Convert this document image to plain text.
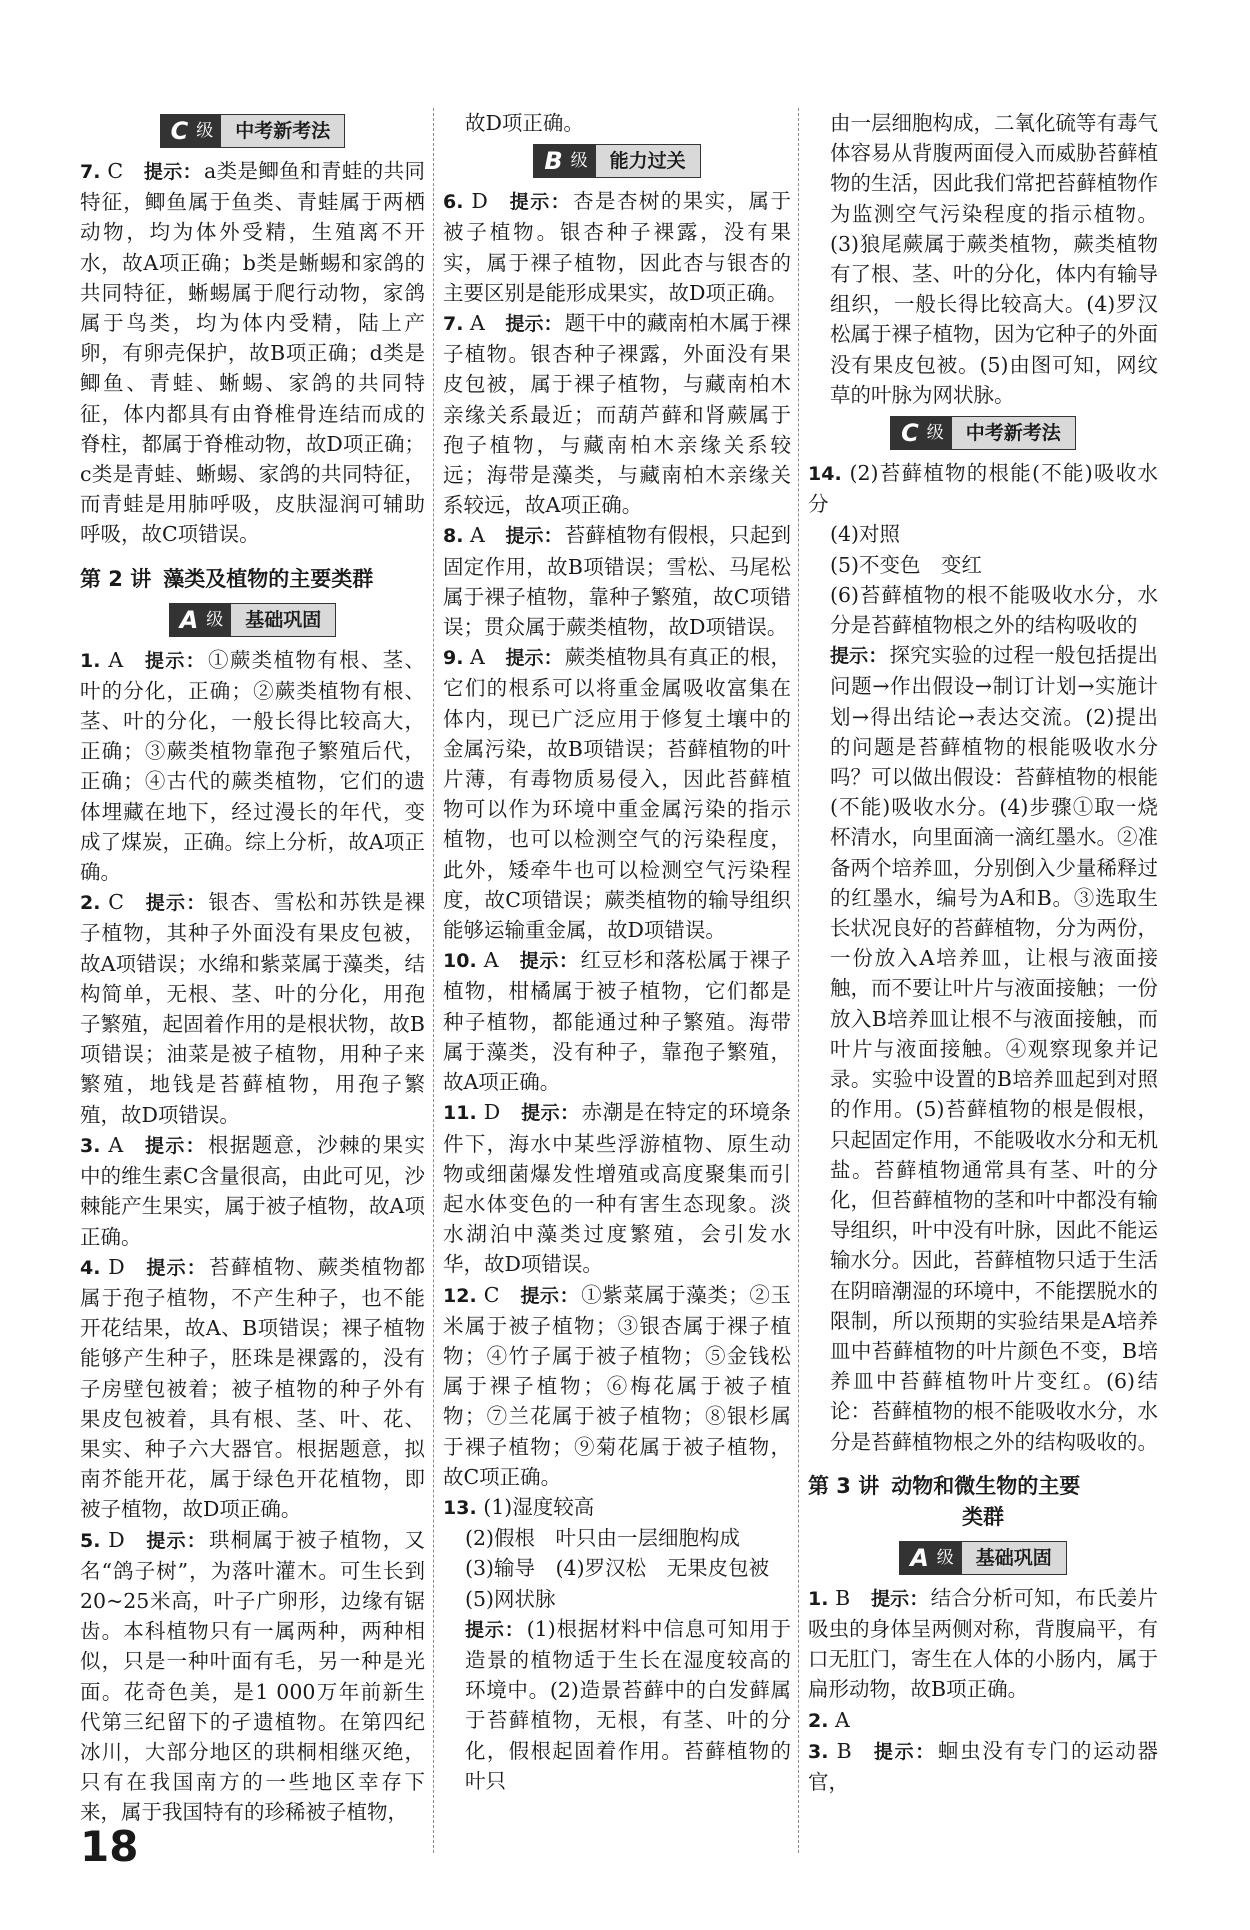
C 级	中考新考法

7. C 提示：a类是鲫鱼和青蛙的共同特征，鲫鱼属于鱼类、青蛙属于两栖动物，均为体外受精，生殖离不开水，故A项正确；b类是蜥蜴和家鸽的共同特征，蜥蜴属于爬行动物，家鸽属于鸟类，均为体内受精，陆上产卵，有卵壳保护，故B项正确；d类是鲫鱼、青蛙、蜥蜴、家鸽的共同特征，体内都具有由脊椎骨连结而成的脊柱，都属于脊椎动物，故D项正确；c类是青蛙、蜥蜴、家鸽的共同特征，而青蛙是用肺呼吸，皮肤湿润可辅助呼吸，故C项错误。

第 2 讲 藻类及植物的主要类群
A 级	基础巩固

1. A 提示：①蕨类植物有根、茎、叶的分化，正确；②蕨类植物有根、茎、叶的分化，一般长得比较高大，正确；③蕨类植物靠孢子繁殖后代，正确；④古代的蕨类植物，它们的遗体埋藏在地下，经过漫长的年代，变成了煤炭，正确。综上分析，故A项正确。

2. C 提示：银杏、雪松和苏铁是裸子植物，其种子外面没有果皮包被，故A项错误；水绵和紫菜属于藻类，结构简单，无根、茎、叶的分化，用孢子繁殖，起固着作用的是根状物，故B项错误；油菜是被子植物，用种子来繁殖，地钱是苔藓植物，用孢子繁殖，故D项错误。

3. A 提示：根据题意，沙棘的果实中的维生素C含量很高，由此可见，沙棘能产生果实，属于被子植物，故A项正确。

4. D 提示：苔藓植物、蕨类植物都属于孢子植物，不产生种子，也不能开花结果，故A、B项错误；裸子植物能够产生种子，胚珠是裸露的，没有子房壁包被着；被子植物的种子外有果皮包被着，具有根、茎、叶、花、果实、种子六大器官。根据题意，拟南芥能开花，属于绿色开花植物，即被子植物，故D项正确。

5. D 提示：珙桐属于被子植物，又名“鸽子树”，为落叶灌木。可生长到20~25米高，叶子广卵形，边缘有锯齿。本科植物只有一属两种，两种相似，只是一种叶面有毛，另一种是光面。花奇色美，是1 000万年前新生代第三纪留下的孑遗植物。在第四纪冰川，大部分地区的珙桐相继灭绝，只有在我国南方的一些地区幸存下来，属于我国特有的珍稀被子植物，

故D项正确。

B 级	能力过关

6. D 提示：杏是杏树的果实，属于被子植物。银杏种子裸露，没有果实，属于裸子植物，因此杏与银杏的主要区别是能形成果实，故D项正确。

7. A 提示：题干中的藏南柏木属于裸子植物。银杏种子裸露，外面没有果皮包被，属于裸子植物，与藏南柏木亲缘关系最近；而葫芦藓和肾蕨属于孢子植物，与藏南柏木亲缘关系较远；海带是藻类，与藏南柏木亲缘关系较远，故A项正确。

8. A 提示：苔藓植物有假根，只起到固定作用，故B项错误；雪松、马尾松属于裸子植物，靠种子繁殖，故C项错误；贯众属于蕨类植物，故D项错误。

9. A 提示：蕨类植物具有真正的根，它们的根系可以将重金属吸收富集在体内，现已广泛应用于修复土壤中的金属污染，故B项错误；苔藓植物的叶片薄，有毒物质易侵入，因此苔藓植物可以作为环境中重金属污染的指示植物，也可以检测空气的污染程度，此外，矮牵牛也可以检测空气污染程度，故C项错误；蕨类植物的输导组织能够运输重金属，故D项错误。

10. A 提示：红豆杉和落松属于裸子植物，柑橘属于被子植物，它们都是种子植物，都能通过种子繁殖。海带属于藻类，没有种子，靠孢子繁殖，故A项正确。

11. D 提示：赤潮是在特定的环境条件下，海水中某些浮游植物、原生动物或细菌爆发性增殖或高度聚集而引起水体变色的一种有害生态现象。淡水湖泊中藻类过度繁殖，会引发水华，故D项错误。

12. C 提示：①紫菜属于藻类；②玉米属于被子植物；③银杏属于裸子植物；④竹子属于被子植物；⑤金钱松属于裸子植物；⑥梅花属于被子植物；⑦兰花属于被子植物；⑧银杉属于裸子植物；⑨菊花属于被子植物，故C项正确。

13. (1)湿度较高

(2)假根　叶只由一层细胞构成

(3)输导　(4)罗汉松　无果皮包被

(5)网状脉

提示：(1)根据材料中信息可知用于造景的植物适于生长在湿度较高的环境中。(2)造景苔藓中的白发藓属于苔藓植物，无根，有茎、叶的分化，假根起固着作用。苔藓植物的叶只

由一层细胞构成，二氧化硫等有毒气体容易从背腹两面侵入而威胁苔藓植物的生活，因此我们常把苔藓植物作为监测空气污染程度的指示植物。(3)狼尾蕨属于蕨类植物，蕨类植物有了根、茎、叶的分化，体内有输导组织，一般长得比较高大。(4)罗汉松属于裸子植物，因为它种子的外面没有果皮包被。(5)由图可知，网纹草的叶脉为网状脉。

C 级	中考新考法

14. (2)苔藓植物的根能(不能)吸收水分

(4)对照

(5)不变色　变红

(6)苔藓植物的根不能吸收水分，水分是苔藓植物根之外的结构吸收的

提示：探究实验的过程一般包括提出问题→作出假设→制订计划→实施计划→得出结论→表达交流。(2)提出的问题是苔藓植物的根能吸收水分吗？可以做出假设：苔藓植物的根能(不能)吸收水分。(4)步骤①取一烧杯清水，向里面滴一滴红墨水。②准备两个培养皿，分别倒入少量稀释过的红墨水，编号为A和B。③选取生长状况良好的苔藓植物，分为两份，一份放入A培养皿，让根与液面接触，而不要让叶片与液面接触；一份放入B培养皿让根不与液面接触，而叶片与液面接触。④观察现象并记录。实验中设置的B培养皿起到对照的作用。(5)苔藓植物的根是假根，只起固定作用，不能吸收水分和无机盐。苔藓植物通常具有茎、叶的分化，但苔藓植物的茎和叶中都没有输导组织，叶中没有叶脉，因此不能运输水分。因此，苔藓植物只适于生活在阴暗潮湿的环境中，不能摆脱水的限制，所以预期的实验结果是A培养皿中苔藓植物的叶片颜色不变，B培养皿中苔藓植物叶片变红。(6)结论：苔藓植物的根不能吸收水分，水分是苔藓植物根之外的结构吸收的。

第 3 讲 动物和微生物的主要
类群
A 级	基础巩固

1. B 提示：结合分析可知，布氏姜片吸虫的身体呈两侧对称，背腹扁平，有口无肛门，寄生在人体的小肠内，属于扁形动物，故B项正确。

2. A

3. B 提示：蛔虫没有专门的运动器官，

18
